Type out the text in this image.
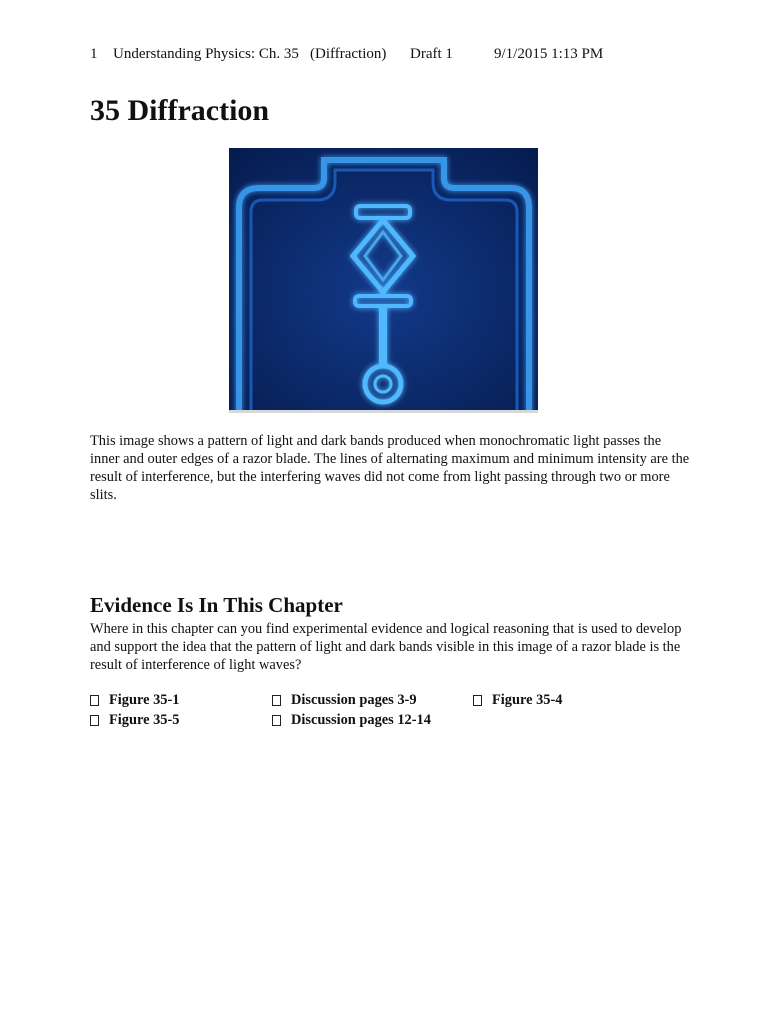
1

Understanding Physics: Ch. 35

(Diffraction)

Draft 1

	9/1/2015 1:13 PM

35 Diffraction

This image shows a pattern of light and dark bands produced when monochromatic light passes the inner and outer edges of a razor blade. The lines of alternating maximum and minimum intensity are the result of interference, but the interfering waves did not come from light passing through two or more slits.

Evidence Is In This Chapter

Where in this chapter can you find experimental evidence and logical reasoning that is used to develop and support the idea that the pattern of light and dark bands visible in this image of a razor blade is the result of interference of light waves?

Figure 35-1	Discussion pages 3-9	Figure 35-4
Figure 35-5	Discussion pages 12-14
